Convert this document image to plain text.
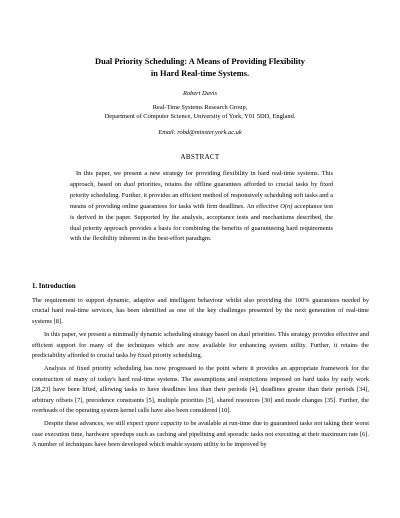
Dual Priority Scheduling: A Means of Providing Flexibility
in Hard Real-time Systems.
Robert Davis
Real-Time Systems Research Group,
Department of Computer Science, University of York, Y01 5DD, England.
Email: robd@minster.york.ac.uk
ABSTRACT

In this paper, we present a new strategy for providing flexibility in hard real-time systems. This approach, based on dual priorities, retains the offline guarantees afforded to crucial tasks by fixed priority scheduling. Further, it provides an efficient method of responsively scheduling soft tasks and a means of providing online guarantees for tasks with firm deadlines. An effective O(n) acceptance test is derived in the paper. Supported by the analysis, acceptance tests and mechanisms described, the dual priority approach provides a basis for combining the benefits of guaranteeing hard requirements with the flexibility inherent in the best-effort paradigm.

1. Introduction

The requirement to support dynamic, adaptive and intelligent behaviour whilst also providing the 100% guarantees needed by crucial hard real-time services, has been identified as one of the key challenges presented by the next generation of real-time systems [8].

In this paper, we present a minimally dynamic scheduling strategy based on dual priorities. This strategy provides effective and efficient support for many of the techniques which are now available for enhancing system utility. Further, it retains the predictability afforded to crucial tasks by fixed priority scheduling.

Analysis of fixed priority scheduling has now progressed to the point where it provides an appropriate framework for the construction of many of today's hard real-time systems. The assumptions and restrictions imposed on hard tasks by early work [28,23] have been lifted, allowing tasks to have deadlines less than their periods [4], deadlines greater than their periods [34], arbitrary offsets [7], precedence constraints [5], multiple priorities [5], shared resources [30] and mode changes [35]. Further, the overheads of the operating system kernel calls have also been considered [10].

Despite these advances, we still expect spare capacity to be available at run-time due to guaranteed tasks not taking their worst case execution time, hardware speedups such as caching and pipelining and sporadic tasks not executing at their maximum rate [6]. A number of techniques have been developed which enable system utility to be improved by
